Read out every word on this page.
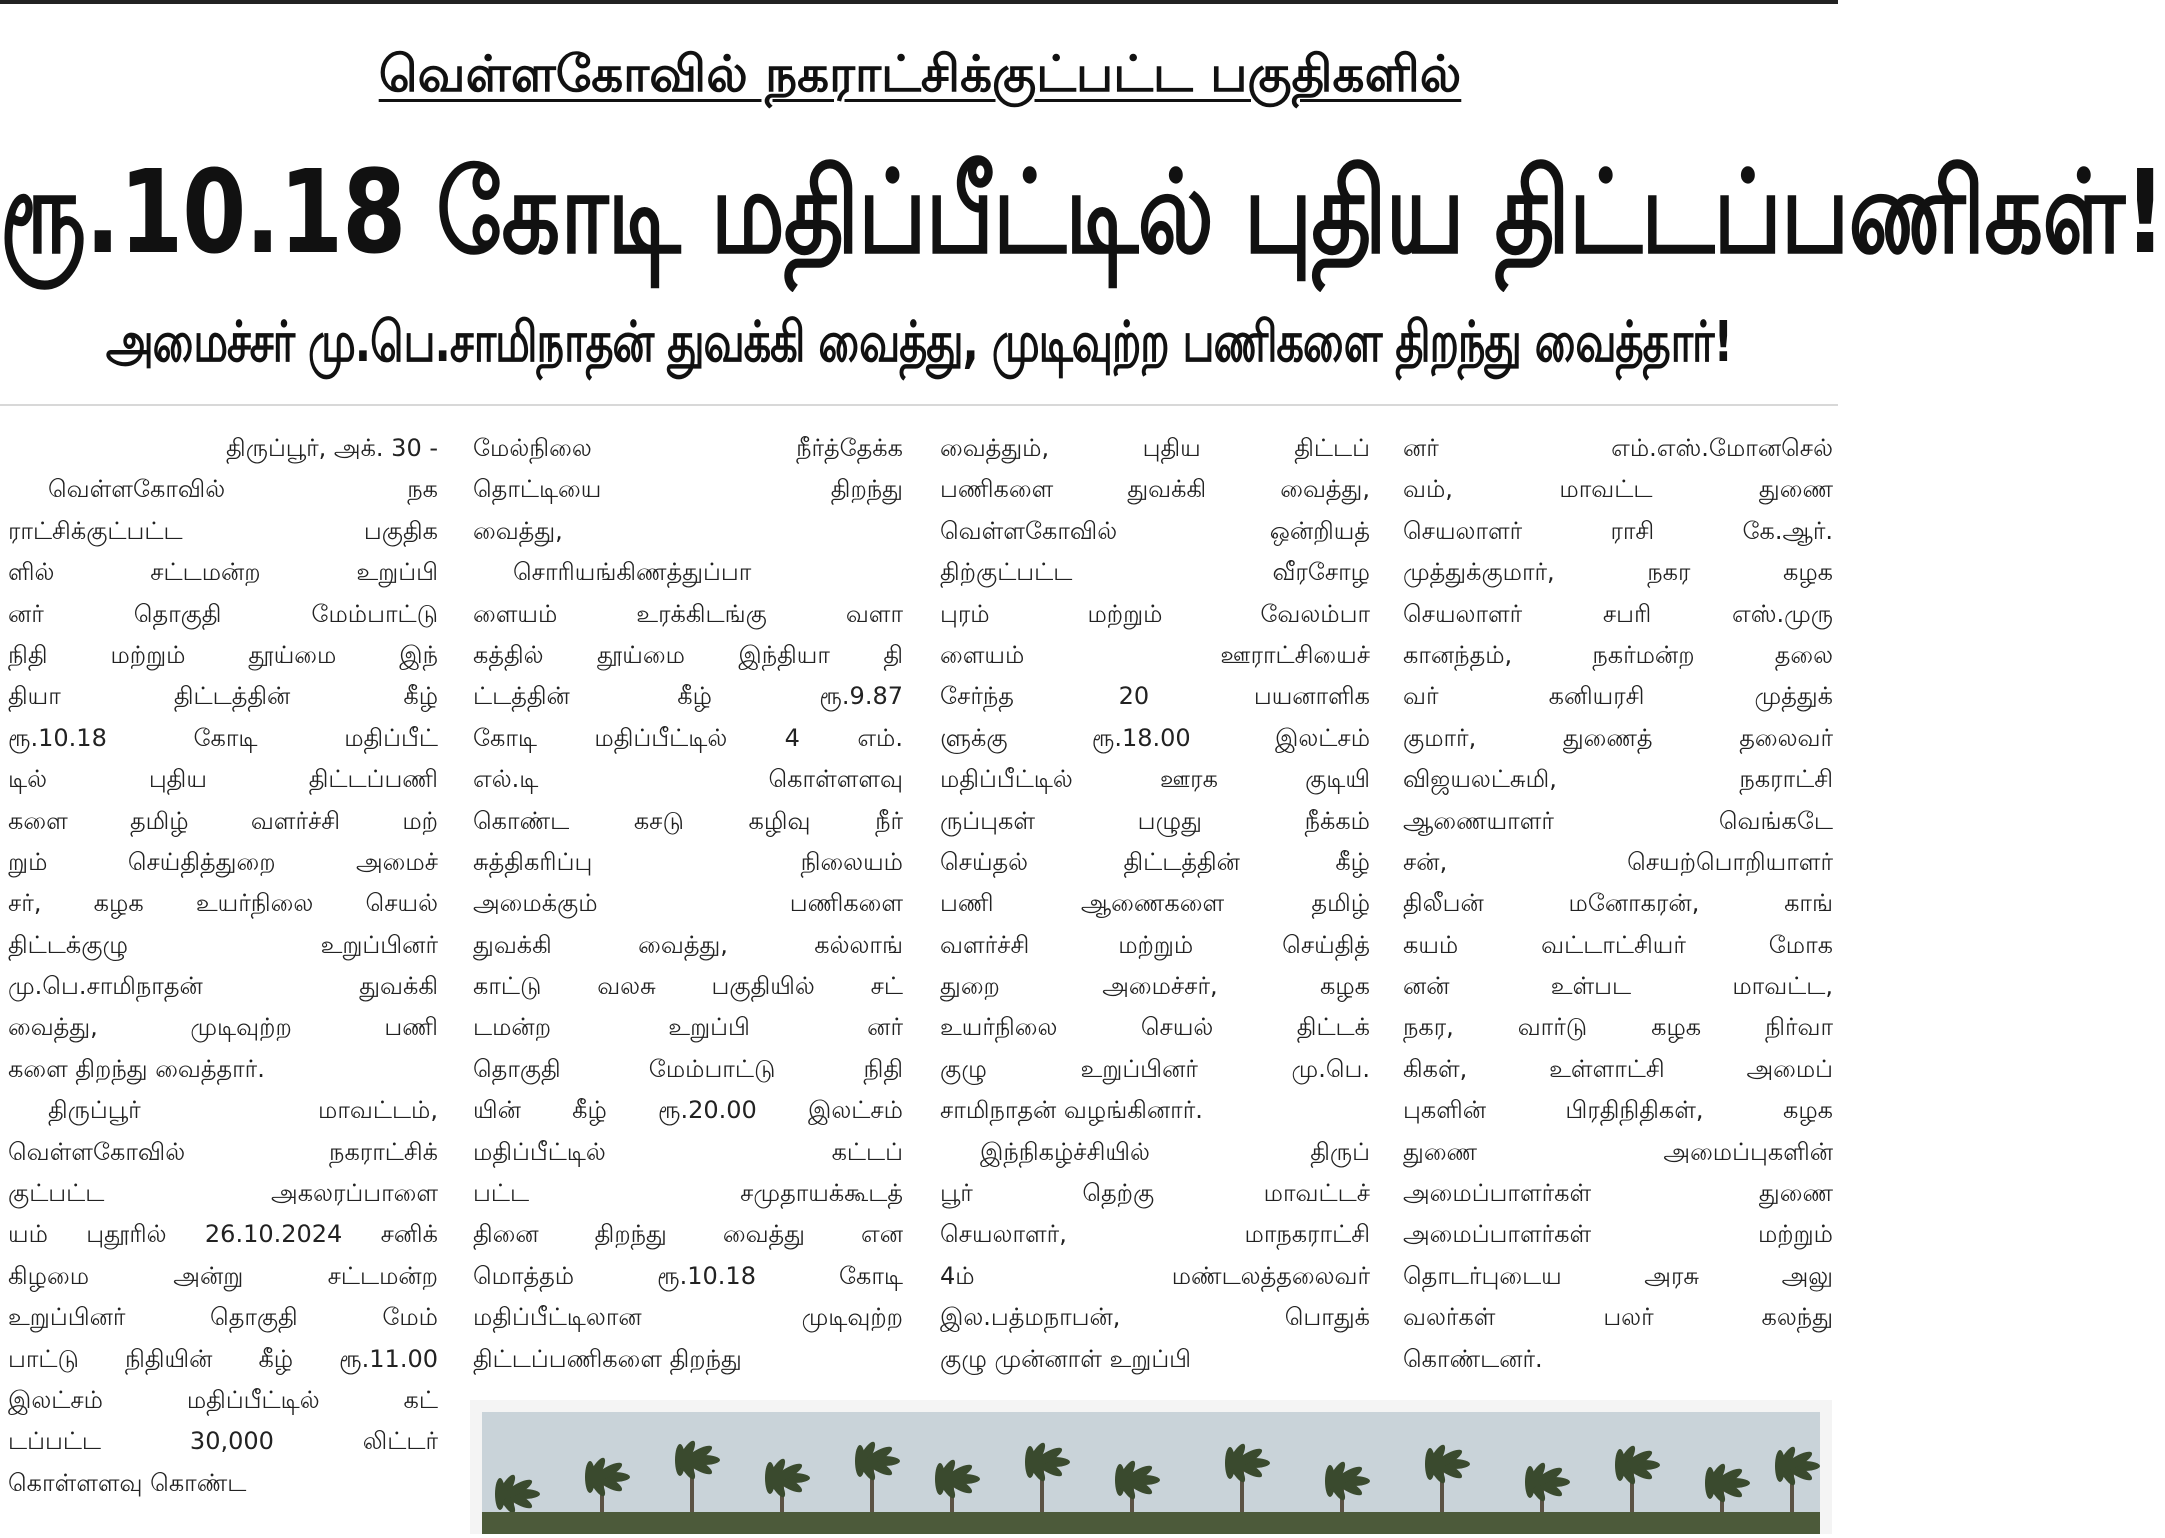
வெள்ளகோவில் நகராட்சிக்குட்பட்ட பகுதிகளில்
ரூ.10.18 கோடி மதிப்பீட்டில் புதிய திட்டப்பணிகள்!
அமைச்சர் மு.பெ.சாமிநாதன் துவக்கி வைத்து, முடிவுற்ற பணிகளை திறந்து வைத்தார்!
திருப்பூர், அக். 30 -
வெள்ளகோவில் நக
ராட்சிக்குட்பட்ட பகுதிக
ளில் சட்டமன்ற உறுப்பி
னர் தொகுதி மேம்பாட்டு
நிதி மற்றும் தூய்மை இந்
தியா திட்டத்தின் கீழ்
ரூ.10.18 கோடி மதிப்பீட்
டில் புதிய திட்டப்பணி
களை தமிழ் வளர்ச்சி மற்
றும் செய்தித்துறை அமைச்
சர், கழக உயர்நிலை செயல்
திட்டக்குழு உறுப்பினர்
மு.பெ.சாமிநாதன் துவக்கி
வைத்து, முடிவுற்ற பணி
களை திறந்து வைத்தார்.
திருப்பூர் மாவட்டம்,
வெள்ளகோவில் நகராட்சிக்
குட்பட்ட அகலரப்பாளை
யம் புதூரில் 26.10.2024 சனிக்
கிழமை அன்று சட்டமன்ற
உறுப்பினர் தொகுதி மேம்
பாட்டு நிதியின் கீழ் ரூ.11.00
இலட்சம் மதிப்பீட்டில் கட்
டப்பட்ட 30,000 லிட்டர்
கொள்ளளவு கொண்ட
மேல்நிலை நீர்த்தேக்க
தொட்டியை திறந்து
வைத்து,
சொரியங்கிணத்துப்பா
ளையம் உரக்கிடங்கு வளா
கத்தில் தூய்மை இந்தியா தி
ட்டத்தின் கீழ் ரூ.9.87
கோடி மதிப்பீட்டில் 4 எம்.
எல்.டி கொள்ளளவு
கொண்ட கசடு கழிவு நீர்
சுத்திகரிப்பு நிலையம்
அமைக்கும் பணிகளை
துவக்கி வைத்து, கல்லாங்
காட்டு வலசு பகுதியில் சட்
டமன்ற உறுப்பி னர்
தொகுதி மேம்பாட்டு நிதி
யின் கீழ் ரூ.20.00 இலட்சம்
மதிப்பீட்டில் கட்டப்
பட்ட சமுதாயக்கூடத்
தினை திறந்து வைத்து என
மொத்தம் ரூ.10.18 கோடி
மதிப்பீட்டிலான முடிவுற்ற
திட்டப்பணிகளை திறந்து
வைத்தும், புதிய திட்டப்
பணிகளை துவக்கி வைத்து,
வெள்ளகோவில் ஒன்றியத்
திற்குட்பட்ட வீரசோழ
புரம் மற்றும் வேலம்பா
ளையம் ஊராட்சியைச்
சேர்ந்த 20 பயனாளிக
ளுக்கு ரூ.18.00 இலட்சம்
மதிப்பீட்டில் ஊரக குடியி
ருப்புகள் பழுது நீக்கம்
செய்தல் திட்டத்தின் கீழ்
பணி ஆணைகளை தமிழ்
வளர்ச்சி மற்றும் செய்தித்
துறை அமைச்சர், கழக
உயர்நிலை செயல் திட்டக்
குழு உறுப்பினர் மு.பெ.
சாமிநாதன் வழங்கினார்.
இந்நிகழ்ச்சியில் திருப்
பூர் தெற்கு மாவட்டச்
செயலாளர், மாநகராட்சி
4ம் மண்டலத்தலைவர்
இல.பத்மநாபன், பொதுக்
குழு முன்னாள் உறுப்பி
னர் எம்.எஸ்.மோனசெல்
வம், மாவட்ட துணை
செயலாளர் ராசி கே.ஆர்.
முத்துக்குமார், நகர கழக
செயலாளர் சபரி எஸ்.முரு
கானந்தம், நகர்மன்ற தலை
வர் கனியரசி முத்துக்
குமார், துணைத் தலைவர்
விஜயலட்சுமி, நகராட்சி
ஆணையாளர் வெங்கடே
சன், செயற்பொறியாளர்
திலீபன் மனோகரன், காங்
கயம் வட்டாட்சியர் மோக
னன் உள்பட மாவட்ட,
நகர, வார்டு கழக நிர்வா
கிகள், உள்ளாட்சி அமைப்
புகளின் பிரதிநிதிகள், கழக
துணை அமைப்புகளின்
அமைப்பாளர்கள் துணை
அமைப்பாளர்கள் மற்றும்
தொடர்புடைய அரசு அலு
வலர்கள் பலர் கலந்து
கொண்டனர்.
